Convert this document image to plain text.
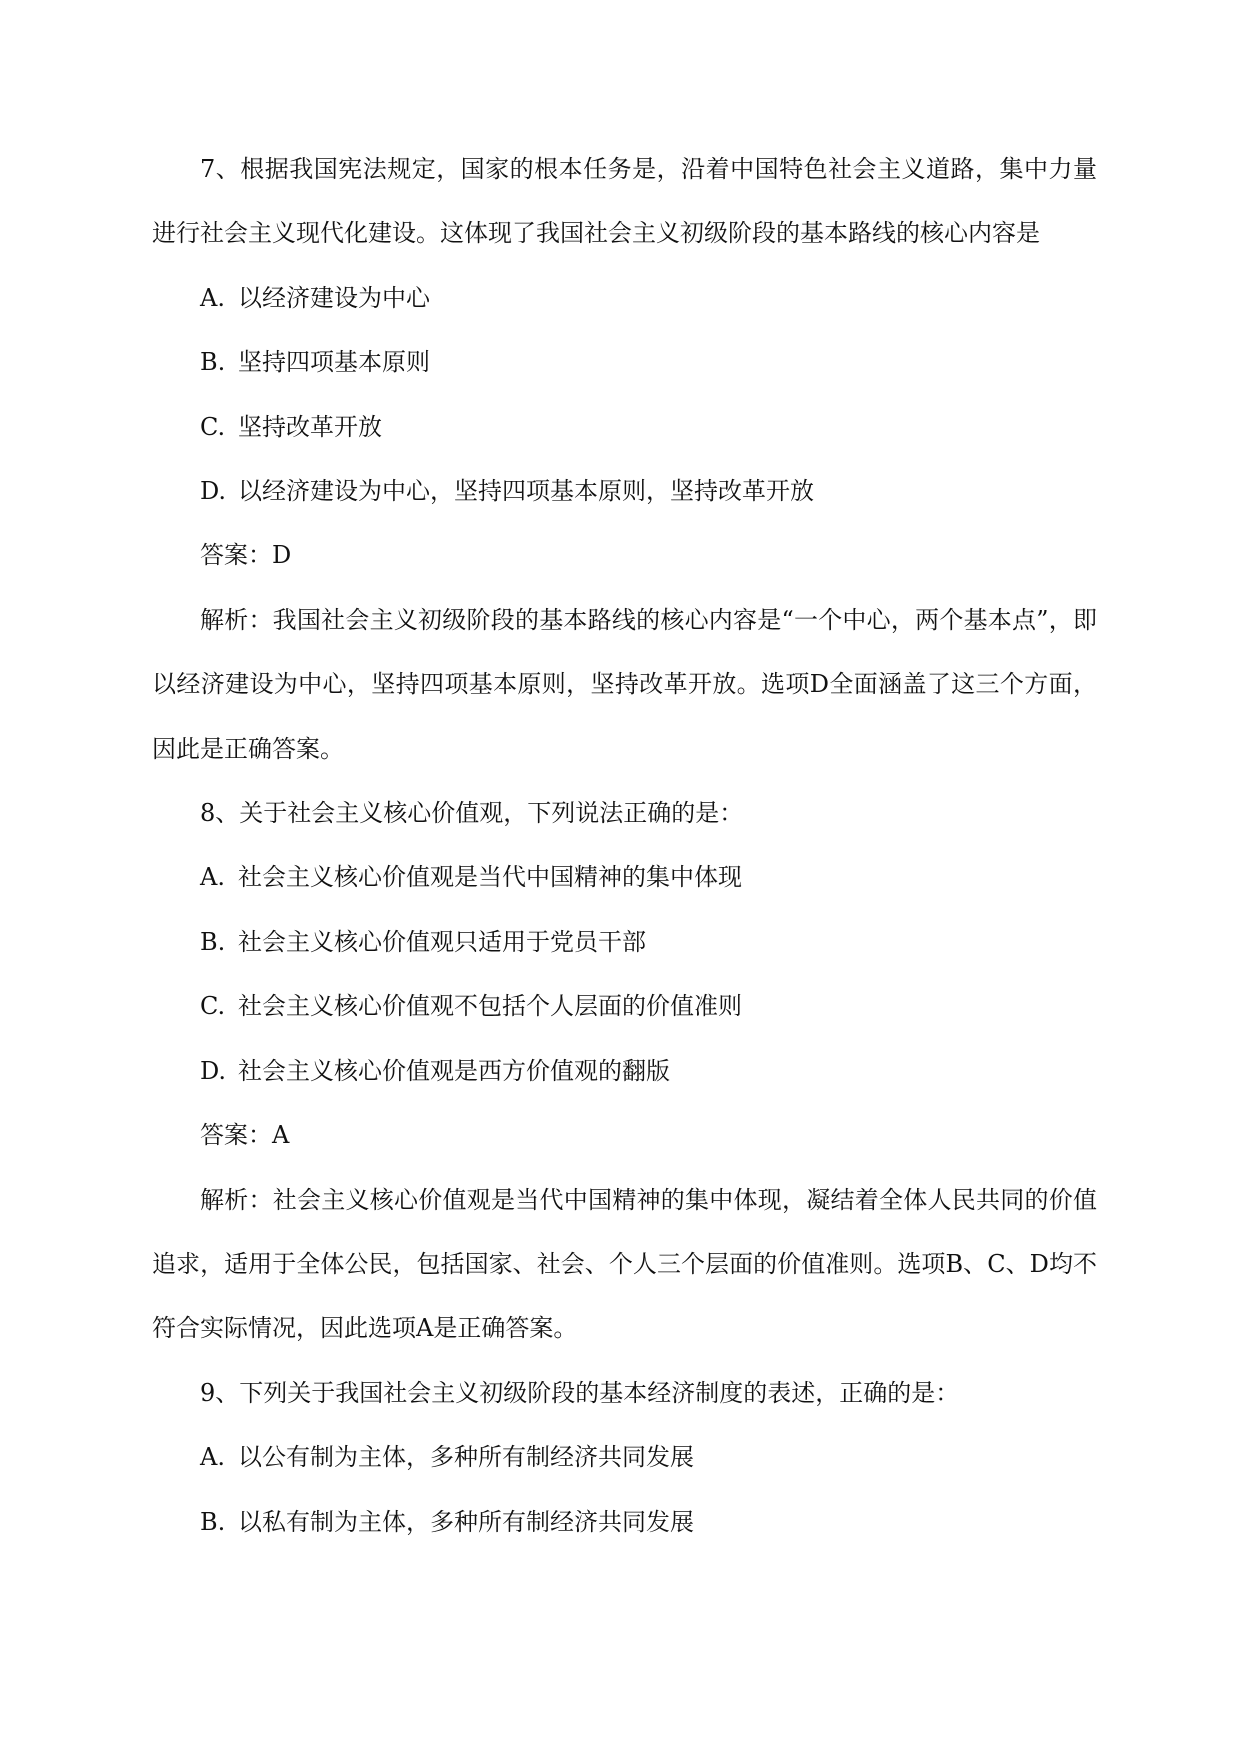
7、根据我国宪法规定，国家的根本任务是，沿着中国特色社会主义道路，集中力量进行社会主义现代化建设。这体现了我国社会主义初级阶段的基本路线的核心内容是

A. 以经济建设为中心

B. 坚持四项基本原则

C. 坚持改革开放

D. 以经济建设为中心，坚持四项基本原则，坚持改革开放

答案：D

解析：我国社会主义初级阶段的基本路线的核心内容是“一个中心，两个基本点”，即以经济建设为中心，坚持四项基本原则，坚持改革开放。选项D全面涵盖了这三个方面，因此是正确答案。

8、关于社会主义核心价值观，下列说法正确的是：

A. 社会主义核心价值观是当代中国精神的集中体现

B. 社会主义核心价值观只适用于党员干部

C. 社会主义核心价值观不包括个人层面的价值准则

D. 社会主义核心价值观是西方价值观的翻版

答案：A

解析：社会主义核心价值观是当代中国精神的集中体现，凝结着全体人民共同的价值追求，适用于全体公民，包括国家、社会、个人三个层面的价值准则。选项B、C、D均不符合实际情况，因此选项A是正确答案。

9、下列关于我国社会主义初级阶段的基本经济制度的表述，正确的是：

A. 以公有制为主体，多种所有制经济共同发展

B. 以私有制为主体，多种所有制经济共同发展
